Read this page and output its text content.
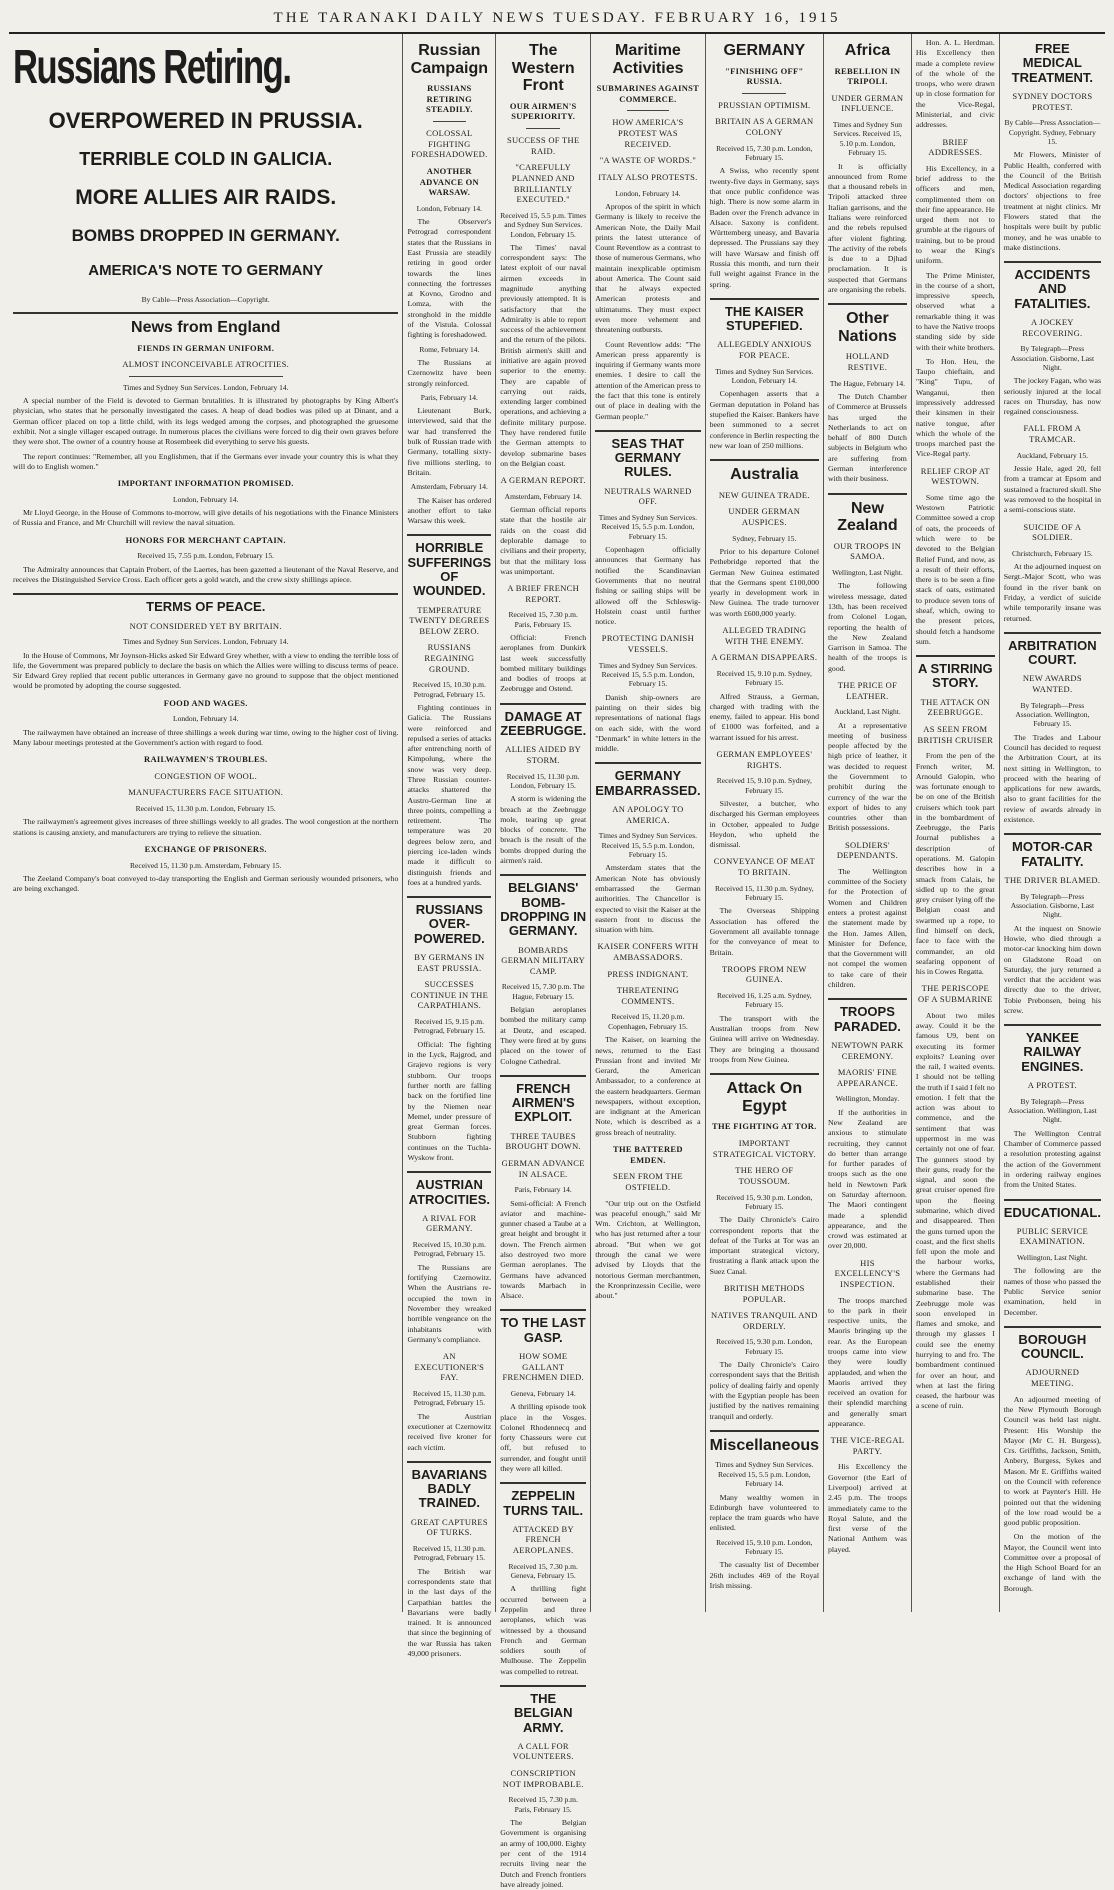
THE TARANAKI DAILY NEWS TUESDAY. FEBRUARY 16, 1915
Russians Retiring.
OVERPOWERED IN PRUSSIA.
TERRIBLE COLD IN GALICIA.
MORE ALLIES AIR RAIDS.
BOMBS DROPPED IN GERMANY.
AMERICA'S NOTE TO GERMANY
By Cable—Press Association—Copyright.
News from England
FIENDS IN GERMAN UNIFORM.
ALMOST INCONCEIVABLE ATROCITIES.
Times and Sydney Sun Services. London, February 14.

A special number of the Field is devoted to German brutalities. It is illustrated by photographs by King Albert's physician, who states that he personally investigated the cases. A heap of dead bodies was piled up at Dinant, and a German officer placed on top a little child, with its legs wedged among the corpses, and photographed the gruesome exhibit. Not a single villager escaped outrage. In numerous places the civilians were forced to dig their own graves before they were shot. The owner of a country house at Rosembeek did everything to serve his guests.

The report continues: "Remember, all you Englishmen, that if the Germans ever invade your country this is what they will do to English women."

IMPORTANT INFORMATION PROMISED.
London, February 14.

Mr Lloyd George, in the House of Commons to-morrow, will give details of his negotiations with the Finance Ministers of Russia and France, and Mr Churchill will review the naval situation.

HONORS FOR MERCHANT CAPTAIN.
Received 15, 7.55 p.m. London, February 15.

The Admiralty announces that Captain Probert, of the Laertes, has been gazetted a lieutenant of the Naval Reserve, and receives the Distinguished Service Cross. Each officer gets a gold watch, and the crew sixty shillings apiece.

TERMS OF PEACE.
NOT CONSIDERED YET BY BRITAIN.
Times and Sydney Sun Services. London, February 14.

In the House of Commons, Mr Joynson-Hicks asked Sir Edward Grey whether, with a view to ending the terrible loss of life, the Government was prepared publicly to declare the basis on which the Allies were willing to discuss terms of peace. Sir Edward Grey replied that recent public utterances in Germany gave no ground to suppose that the object mentioned would be promoted by adopting the course suggested.

FOOD AND WAGES.
London, February 14.

The railwaymen have obtained an increase of three shillings a week during war time, owing to the higher cost of living. Many labour meetings protested at the Government's action with regard to food.

RAILWAYMEN'S TROUBLES.
CONGESTION OF WOOL.
MANUFACTURERS FACE SITUATION.
Received 15, 11.30 p.m. London, February 15.

The railwaymen's agreement gives increases of three shillings weekly to all grades. The wool congestion at the northern stations is causing anxiety, and manufacturers are trying to relieve the situation.

EXCHANGE OF PRISONERS.
Received 15, 11.30 p.m. Amsterdam, February 15.

The Zeeland Company's boat conveyed to-day transporting the English and German seriously wounded prisoners, who are being exchanged.

Russian Campaign
RUSSIANS RETIRING STEADILY.
COLOSSAL FIGHTING FORESHADOWED.
ANOTHER ADVANCE ON WARSAW.
London, February 14.

The Observer's Petrograd correspondent states that the Russians in East Prussia are steadily retiring in good order towards the lines connecting the fortresses at Kovno, Grodno and Lomza, with the stronghold in the middle of the Vistula. Colossal fighting is foreshadowed.

Rome, February 14.

The Russians at Czernowitz have been strongly reinforced.

Paris, February 14.

Lieutenant Burk, interviewed, said that the war had transferred the bulk of Russian trade with Germany, totalling sixty-five millions sterling, to Britain.

Amsterdam, February 14.

The Kaiser has ordered another effort to take Warsaw this week.

HORRIBLE SUFFERINGS OF WOUNDED.
TEMPERATURE TWENTY DEGREES BELOW ZERO.
RUSSIANS REGAINING GROUND.
Received 15, 10.30 p.m. Petrograd, February 15.

Fighting continues in Galicia. The Russians were reinforced and repulsed a series of attacks after entrenching north of Kimpolung, where the snow was very deep. Three Russian counter-attacks shattered the Austro-German line at three points, compelling a retirement. The temperature was 20 degrees below zero, and piercing ice-laden winds made it difficult to distinguish friends and foes at a hundred yards.

RUSSIANS OVER-POWERED.
BY GERMANS IN EAST PRUSSIA.
SUCCESSES CONTINUE IN THE CARPATHIANS.
Received 15, 9.15 p.m. Petrograd, February 15.

Official: The fighting in the Lyck, Rajgrod, and Grajevo regions is very stubborn. Our troops further north are falling back on the fortified line by the Niemen near Memel, under pressure of great German forces. Stubborn fighting continues on the Tuchla-Wyskow front.

AUSTRIAN ATROCITIES.
A RIVAL FOR GERMANY.
Received 15, 10.30 p.m. Petrograd, February 15.

The Russians are fortifying Czernowitz. When the Austrians re-occupied the town in November they wreaked horrible vengeance on the inhabitants with Germany's compliance.

AN EXECUTIONER'S FAY.
Received 15, 11.30 p.m. Petrograd, February 15.

The Austrian executioner at Czernowitz received five kroner for each victim.

BAVARIANS BADLY TRAINED.
GREAT CAPTURES OF TURKS.
Received 15, 11.30 p.m. Petrograd, February 15.

The British war correspondents state that in the last days of the Carpathian battles the Bavarians were badly trained. It is announced that since the beginning of the war Russia has taken 49,000 prisoners.

The Western Front
OUR AIRMEN'S SUPERIORITY.
SUCCESS OF THE RAID.
"CAREFULLY PLANNED AND BRILLIANTLY EXECUTED."
Received 15, 5.5 p.m. Times and Sydney Sun Services. London, February 15.

The Times' naval correspondent says: The latest exploit of our naval airmen exceeds in magnitude anything previously attempted. It is satisfactory that the Admiralty is able to report success of the achievement and the return of the pilots. British airmen's skill and initiative are again proved superior to the enemy. They are capable of carrying out raids, extending larger combined operations, and achieving a definite military purpose. They have rendered futile the German attempts to develop submarine bases on the Belgian coast.

A GERMAN REPORT.
Amsterdam, February 14.

German official reports state that the hostile air raids on the coast did deplorable damage to civilians and their property, but that the military loss was unimportant.

A BRIEF FRENCH REPORT.
Received 15, 7.30 p.m. Paris, February 15.

Official: French aeroplanes from Dunkirk last week successfully bombed military buildings and bodies of troops at Zeebrugge and Ostend.

DAMAGE AT ZEEBRUGGE.
ALLIES AIDED BY STORM.
Received 15, 11.30 p.m. London, February 15.

A storm is widening the breach at the Zeebrugge mole, tearing up great blocks of concrete. The breach is the result of the bombs dropped during the airmen's raid.

BELGIANS' BOMB-DROPPING IN GERMANY.
BOMBARDS GERMAN MILITARY CAMP.
Received 15, 7.30 p.m. The Hague, February 15.

Belgian aeroplanes bombed the military camp at Deutz, and escaped. They were fired at by guns placed on the tower of Cologne Cathedral.

FRENCH AIRMEN'S EXPLOIT.
THREE TAUBES BROUGHT DOWN.
GERMAN ADVANCE IN ALSACE.
Paris, February 14.

Semi-official: A French aviator and machine-gunner chased a Taube at a great height and brought it down. The French airmen also destroyed two more German aeroplanes. The Germans have advanced towards Marbach in Alsace.

TO THE LAST GASP.
HOW SOME GALLANT FRENCHMEN DIED.
Geneva, February 14.

A thrilling episode took place in the Vosges. Colonel Rhodennecq and forty Chasseurs were cut off, but refused to surrender, and fought until they were all killed.

ZEPPELIN TURNS TAIL.
ATTACKED BY FRENCH AEROPLANES.
Received 15, 7.30 p.m. Geneva, February 15.

A thrilling fight occurred between a Zeppelin and three aeroplanes, which was witnessed by a thousand French and German soldiers south of Mulhouse. The Zeppelin was compelled to retreat.

THE BELGIAN ARMY.
A CALL FOR VOLUNTEERS.
CONSCRIPTION NOT IMPROBABLE.
Received 15, 7.30 p.m. Paris, February 15.

The Belgian Government is organising an army of 100,000. Eighty per cent of the 1914 recruits living near the Dutch and French frontiers have already joined.

Maritime Activities
SUBMARINES AGAINST COMMERCE.
HOW AMERICA'S PROTEST WAS RECEIVED.
"A WASTE OF WORDS."
ITALY ALSO PROTESTS.
London, February 14.

Apropos of the spirit in which Germany is likely to receive the American Note, the Daily Mail prints the latest utterance of Count Reventlow as a contrast to those of numerous Germans, who maintain inexplicable optimism about America. The Count said that he always expected American protests and ultimatums. They must expect even more vehement and threatening outbursts.

Count Reventlow adds: "The American press apparently is inquiring if Germany wants more enemies. I desire to call the attention of the American press to the fact that this tone is entirely out of place in dealing with the German people."

SEAS THAT GERMANY RULES.
NEUTRALS WARNED OFF.
Times and Sydney Sun Services. Received 15, 5.5 p.m. London, February 15.

Copenhagen officially announces that Germany has notified the Scandinavian Governments that no neutral fishing or sailing ships will be allowed off the Schleswig-Holstein coast until further notice.

PROTECTING DANISH VESSELS.
Times and Sydney Sun Services. Received 15, 5.5 p.m. London, February 15.

Danish ship-owners are painting on their sides big representations of national flags on each side, with the word "Denmark" in white letters in the middle.

GERMANY EMBARRASSED.
AN APOLOGY TO AMERICA.
Times and Sydney Sun Services. Received 15, 5.5 p.m. London, February 15.

Amsterdam states that the American Note has obviously embarrassed the German authorities. The Chancellor is expected to visit the Kaiser at the eastern front to discuss the situation with him.

KAISER CONFERS WITH AMBASSADORS.
PRESS INDIGNANT.
THREATENING COMMENTS.
Received 15, 11.20 p.m. Copenhagen, February 15.

The Kaiser, on learning the news, returned to the East Prussian front and invited Mr Gerard, the American Ambassador, to a conference at the eastern headquarters. German newspapers, without exception, are indignant at the American Note, which is described as a gross breach of neutrality.

THE BATTERED EMDEN.
SEEN FROM THE OSTFIELD.

"Our trip out on the Ostfield was peaceful enough," said Mr Wm. Crichton, at Wellington, who has just returned after a tour abroad. "But when we got through the canal we were advised by Lloyds that the notorious German merchantmen, the Kronprinzessin Cecilie, were about."

GERMANY
"FINISHING OFF" RUSSIA.
PRUSSIAN OPTIMISM.
BRITAIN AS A GERMAN COLONY
Received 15, 7.30 p.m. London, February 15.

A Swiss, who recently spent twenty-five days in Germany, says that once public confidence was high. There is now some alarm in Baden over the French advance in Alsace. Saxony is confident. Württemberg uneasy, and Bavaria depressed. The Prussians say they will have Warsaw and finish off Russia this month, and turn their full weight against France in the spring.

THE KAISER STUPEFIED.
ALLEGEDLY ANXIOUS FOR PEACE.
Times and Sydney Sun Services. London, February 14.

Copenhagen asserts that a German deputation in Poland has stupefied the Kaiser. Bankers have been summoned to a secret conference in Berlin respecting the new war loan of 250 millions.

Australia
NEW GUINEA TRADE.
UNDER GERMAN AUSPICES.
Sydney, February 15.

Prior to his departure Colonel Pethebridge reported that the German New Guinea estimated that the Germans spent £100,000 yearly in development work in New Guinea. The trade turnover was worth £600,000 yearly.

ALLEGED TRADING WITH THE ENEMY.
A GERMAN DISAPPEARS.
Received 15, 9.10 p.m. Sydney, February 15.

Alfred Strauss, a German, charged with trading with the enemy, failed to appear. His bond of £1000 was forfeited, and a warrant issued for his arrest.

GERMAN EMPLOYEES' RIGHTS.
Received 15, 9.10 p.m. Sydney, February 15.

Silvester, a butcher, who discharged his German employees in October, appealed to Judge Heydon, who upheld the dismissal.

CONVEYANCE OF MEAT TO BRITAIN.
Received 15, 11.30 p.m. Sydney, February 15.

The Overseas Shipping Association has offered the Government all available tonnage for the conveyance of meat to Britain.

TROOPS FROM NEW GUINEA.
Received 16, 1.25 a.m. Sydney, February 15.

The transport with the Australian troops from New Guinea will arrive on Wednesday. They are bringing a thousand troops from New Guinea.

Attack On Egypt
THE FIGHTING AT TOR.
IMPORTANT STRATEGICAL VICTORY.
THE HERO OF TOUSSOUM.
Received 15, 9.30 p.m. London, February 15.

The Daily Chronicle's Cairo correspondent reports that the defeat of the Turks at Tor was an important strategical victory, frustrating a flank attack upon the Suez Canal.

BRITISH METHODS POPULAR.
NATIVES TRANQUIL AND ORDERLY.
Received 15, 9.30 p.m. London, February 15.

The Daily Chronicle's Cairo correspondent says that the British policy of dealing fairly and openly with the Egyptian people has been justified by the natives remaining tranquil and orderly.

Miscellaneous
Times and Sydney Sun Services. Received 15, 5.5 p.m. London, February 14.

Many wealthy women in Edinburgh have volunteered to replace the tram guards who have enlisted.

Received 15, 9.10 p.m. London, February 15.

The casualty list of December 26th includes 469 of the Royal Irish missing.

Africa
REBELLION IN TRIPOLI.
UNDER GERMAN INFLUENCE.
Times and Sydney Sun Services. Received 15, 5.10 p.m. London, February 15.

It is officially announced from Rome that a thousand rebels in Tripoli attacked three Italian garrisons, and the Italians were reinforced and the rebels repulsed after violent fighting. The activity of the rebels is due to a Djhad proclamation. It is suspected that Germans are organising the rebels.

Other Nations
HOLLAND RESTIVE.
The Hague, February 14.

The Dutch Chamber of Commerce at Brussels has urged the Netherlands to act on behalf of 800 Dutch subjects in Belgium who are suffering from German interference with their business.

New Zealand
OUR TROOPS IN SAMOA.
Wellington, Last Night.

The following wireless message, dated 13th, has been received from Colonel Logan, reporting the health of the New Zealand Garrison in Samoa. The health of the troops is good.

THE PRICE OF LEATHER.
Auckland, Last Night.

At a representative meeting of business people affected by the high price of leather, it was decided to request the Government to prohibit during the currency of the war the export of hides to any countries other than British possessions.

SOLDIERS' DEPENDANTS.

The Wellington committee of the Society for the Protection of Women and Children enters a protest against the statement made by the Hon. James Allen, Minister for Defence, that the Government will not compel the women to take care of their children.

TROOPS PARADED.
NEWTOWN PARK CEREMONY.
MAORIS' FINE APPEARANCE.
Wellington, Monday.

If the authorities in New Zealand are anxious to stimulate recruiting, they cannot do better than arrange for further parades of troops such as the one held in Newtown Park on Saturday afternoon. The Maori contingent made a splendid appearance, and the crowd was estimated at over 20,000.

HIS EXCELLENCY'S INSPECTION.

The troops marched to the park in their respective units, the Maoris bringing up the rear. As the European troops came into view they were loudly applauded, and when the Maoris arrived they received an ovation for their splendid marching and generally smart appearance.

THE VICE-REGAL PARTY.

His Excellency the Governor (the Earl of Liverpool) arrived at 2.45 p.m. The troops immediately came to the Royal Salute, and the first verse of the National Anthem was played.

Hon. A. L. Herdman. His Excellency then made a complete review of the whole of the troops, who were drawn up in close formation for the Vice-Regal, Ministerial, and civic addresses.

BRIEF ADDRESSES.

His Excellency, in a brief address to the officers and men, complimented them on their fine appearance. He urged them not to grumble at the rigours of training, but to be proud to wear the King's uniform.

The Prime Minister, in the course of a short, impressive speech, observed what a remarkable thing it was to have the Native troops standing side by side with their white brothers.

To Hon. Heu, the Taupo chieftain, and "King" Tupu, of Wanganui, then impressively addressed their kinsmen in their native tongue, after which the whole of the troops marched past the Vice-Regal party.

RELIEF CROP AT WESTOWN.

Some time ago the Westown Patriotic Committee sowed a crop of oats, the proceeds of which were to be devoted to the Belgian Relief Fund, and now, as a result of their efforts, there is to be seen a fine stack of oats, estimated to produce seven tons of sheaf, which, owing to the present prices, should fetch a handsome sum.

A STIRRING STORY.
THE ATTACK ON ZEEBRUGGE.
AS SEEN FROM BRITISH CRUISER

From the pen of the French writer, M. Arnould Galopin, who was fortunate enough to be on one of the British cruisers which took part in the bombardment of Zeebrugge, the Paris Journal publishes a description of operations. M. Galopin describes how in a smack from Calais, he sidled up to the great grey cruiser lying off the Belgian coast and swarmed up a rope, to find himself on deck, face to face with the commander, an old seafaring opponent of his in Cowes Regatta.

THE PERISCOPE OF A SUBMARINE

About two miles away. Could it be the famous U9, bent on executing its former exploits? Leaning over the rail, I waited events. I should not be telling the truth if I said I felt no emotion. I felt that the action was about to commence, and the sentiment that was uppermost in me was certainly not one of fear. The gunners stood by their guns, ready for the signal, and soon the great cruiser opened fire upon the fleeing submarine, which dived and disappeared. Then the guns turned upon the coast, and the first shells fell upon the mole and the harbour works, where the Germans had established their submarine base. The Zeebrugge mole was soon enveloped in flames and smoke, and through my glasses I could see the enemy hurrying to and fro. The bombardment continued for over an hour, and when at last the firing ceased, the harbour was a scene of ruin.

FREE MEDICAL TREATMENT.
SYDNEY DOCTORS PROTEST.
By Cable—Press Association—Copyright. Sydney, February 15.

Mr Flowers, Minister of Public Health, conferred with the Council of the British Medical Association regarding doctors' objections to free treatment at night clinics. Mr Flowers stated that the hospitals were built by public money, and he was unable to make distinctions.

ACCIDENTS AND FATALITIES.
A JOCKEY RECOVERING.
By Telegraph—Press Association. Gisborne, Last Night.

The jockey Fagan, who was seriously injured at the local races on Thursday, has now regained consciousness.

FALL FROM A TRAMCAR.
Auckland, February 15.

Jessie Hale, aged 20, fell from a tramcar at Epsom and sustained a fractured skull. She was removed to the hospital in a semi-conscious state.

SUICIDE OF A SOLDIER.
Christchurch, February 15.

At the adjourned inquest on Sergt.-Major Scott, who was found in the river bank on Friday, a verdict of suicide while temporarily insane was returned.

ARBITRATION COURT.
NEW AWARDS WANTED.
By Telegraph—Press Association. Wellington, February 15.

The Trades and Labour Council has decided to request the Arbitration Court, at its next sitting in Wellington, to proceed with the hearing of applications for new awards, also to grant facilities for the review of awards already in existence.

MOTOR-CAR FATALITY.
THE DRIVER BLAMED.
By Telegraph—Press Association. Gisborne, Last Night.

At the inquest on Snowie Howie, who died through a motor-car knocking him down on Gladstone Road on Saturday, the jury returned a verdict that the accident was directly due to the driver, Tobie Prebonsen, being his screw.

YANKEE RAILWAY ENGINES.
A PROTEST.
By Telegraph—Press Association. Wellington, Last Night.

The Wellington Central Chamber of Commerce passed a resolution protesting against the action of the Government in ordering railway engines from the United States.

EDUCATIONAL.
PUBLIC SERVICE EXAMINATION.
Wellington, Last Night.

The following are the names of those who passed the Public Service senior examination, held in December.

BOROUGH COUNCIL.
ADJOURNED MEETING.

An adjourned meeting of the New Plymouth Borough Council was held last night. Present: His Worship the Mayor (Mr C. H. Burgess), Crs. Griffiths, Jackson, Smith, Anbery, Burgess, Sykes and Mason. Mr E. Griffiths waited on the Council with reference to work at Paynter's Hill. He pointed out that the widening of the low road would be a good public proposition.

On the motion of the Mayor, the Council went into Committee over a proposal of the High School Board for an exchange of land with the Borough.
